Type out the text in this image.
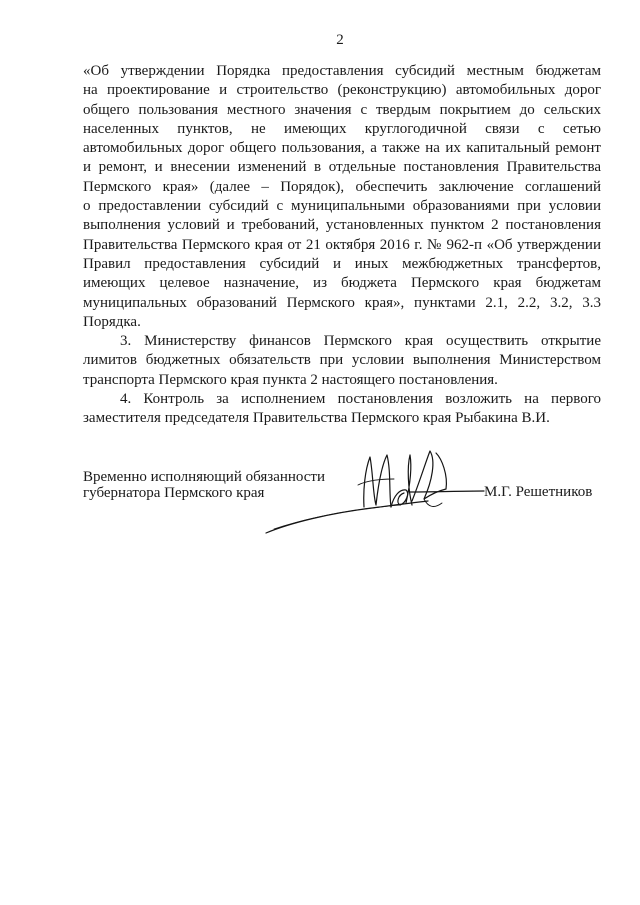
2
«Об утверждении Порядка предоставления субсидий местным бюджетам
на проектирование и строительство (реконструкцию) автомобильных дорог
общего пользования местного значения с твердым покрытием до сельских
населенных пунктов, не имеющих круглогодичной связи с сетью
автомобильных дорог общего пользования, а также на их капитальный ремонт
и ремонт, и внесении изменений в отдельные постановления Правительства
Пермского края» (далее – Порядок), обеспечить заключение соглашений
о предоставлении субсидий с муниципальными образованиями при условии
выполнения условий и требований, установленных пунктом 2 постановления
Правительства Пермского края от 21 октября 2016 г. № 962-п «Об утверждении
Правил предоставления субсидий и иных межбюджетных трансфертов,
имеющих целевое назначение, из бюджета Пермского края бюджетам
муниципальных образований Пермского края», пунктами 2.1, 2.2, 3.2, 3.3
Порядка.
3. Министерству финансов Пермского края осуществить открытие
лимитов бюджетных обязательств при условии выполнения Министерством
транспорта Пермского края пункта 2 настоящего постановления.
4. Контроль за исполнением постановления возложить на первого
заместителя председателя Правительства Пермского края Рыбакина В.И.
Временно исполняющий обязанности
губернатора Пермского края	М.Г. Решетников
